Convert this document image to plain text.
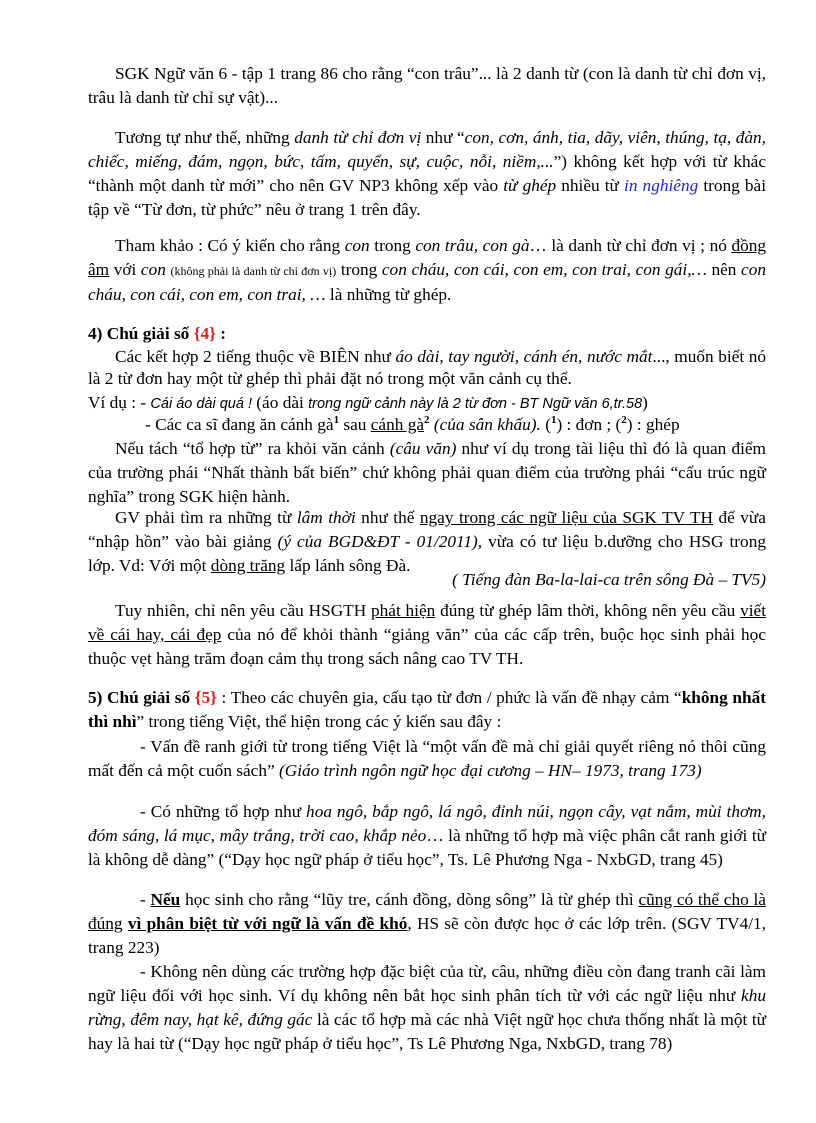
SGK Ngữ văn 6 - tập 1 trang 86 cho rằng “con trâu”... là 2 danh từ (con là danh từ chỉ đơn vị, trâu là danh từ chỉ sự vật)...

Tương tự như thế, những danh từ chỉ đơn vị như “con, cơn, ánh, tia, dãy, viên, thúng, tạ, đàn, chiếc, miếng, đám, ngọn, bức, tấm, quyển, sự, cuộc, nỗi, niềm,...”) không kết hợp với từ khác “thành một danh từ mới” cho nên GV NP3 không xếp vào từ ghép nhiều từ in nghiêng trong bài tập về “Từ đơn, từ phức” nêu ở trang 1 trên đây.

Tham khảo : Có ý kiến cho rằng con trong con trâu, con gà… là danh từ chỉ đơn vị ; nó đồng âm với con (không phải là danh từ chỉ đơn vị) trong con cháu, con cái, con em, con trai, con gái,… nên con cháu, con cái, con em, con trai, … là những từ ghép.

4) Chú giải số {4} :

Các kết hợp 2 tiếng thuộc về BIÊN như áo dài, tay người, cánh én, nước mắt..., muốn biết nó là 2 từ đơn hay một từ ghép thì phải đặt nó trong một văn cảnh cụ thể.

Ví dụ : - Cái áo dài quá ! (áo dài trong ngữ cảnh này là 2 từ đơn - BT Ngữ văn 6,tr.58)

- Các ca sĩ đang ăn cánh $gà^1$ sau cánh $gà^2$ (của sân khấu). ($^1$) : đơn ; ($^2$) : ghép

Nếu tách “tổ hợp từ” ra khỏi văn cảnh (câu văn) như ví dụ trong tài liệu thì đó là quan điểm của trường phái “Nhất thành bất biến” chứ không phải quan điểm của trường phái “cấu trúc ngữ nghĩa” trong SGK hiện hành.

GV phải tìm ra những từ lâm thời như thế ngay trong các ngữ liệu của SGK TV TH để vừa “nhập hồn” vào bài giảng (ý của BGD&ĐT - 01/2011), vừa có tư liệu b.dưỡng cho HSG trong lớp. Vd: Với một dòng trăng lấp lánh sông Đà.

( Tiếng đàn Ba-la-lai-ca trên sông Đà – TV5)

Tuy nhiên, chỉ nên yêu cầu HSGTH phát hiện đúng từ ghép lâm thời, không nên yêu cầu viết về cái hay, cái đẹp của nó để khỏi thành “giảng văn” của các cấp trên, buộc học sinh phải học thuộc vẹt hàng trăm đoạn cảm thụ trong sách nâng cao TV TH.

5) Chú giải số {5} : Theo các chuyên gia, cấu tạo từ đơn / phức là vấn đề nhạy cảm “không nhất thì nhì” trong tiếng Việt, thể hiện trong các ý kiến sau đây :

- Vấn đề ranh giới từ trong tiếng Việt là “một vấn đề mà chỉ giải quyết riêng nó thôi cũng mất đến cả một cuốn sách” (Giáo trình ngôn ngữ học đại cương – HN– 1973, trang 173)

- Có những tổ hợp như hoa ngô, bắp ngô, lá ngô, đỉnh núi, ngọn cây, vạt nắm, mùi thơm, đóm sáng, lá mục, mây trắng, trời cao, khắp nẻo… là những tổ hợp mà việc phân cắt ranh giới từ là không dễ dàng” (“Dạy học ngữ pháp ở tiểu học”, Ts. Lê Phương Nga - NxbGD, trang 45)

- Nếu học sinh cho rằng “lũy tre, cánh đồng, dòng sông” là từ ghép thì cũng có thể cho là đúng vì phân biệt từ với ngữ là vấn đề khó, HS sẽ còn được học ở các lớp trên. (SGV TV4/1, trang 223)

- Không nên dùng các trường hợp đặc biệt của từ, câu, những điều còn đang tranh cãi làm ngữ liệu đối với học sinh. Ví dụ không nên bắt học sinh phân tích từ với các ngữ liệu như khu rừng, đêm nay, hạt kê, đứng gác là các tổ hợp mà các nhà Việt ngữ học chưa thống nhất là một từ hay là hai từ (“Dạy học ngữ pháp ở tiểu học”, Ts Lê Phương Nga, NxbGD, trang 78)
